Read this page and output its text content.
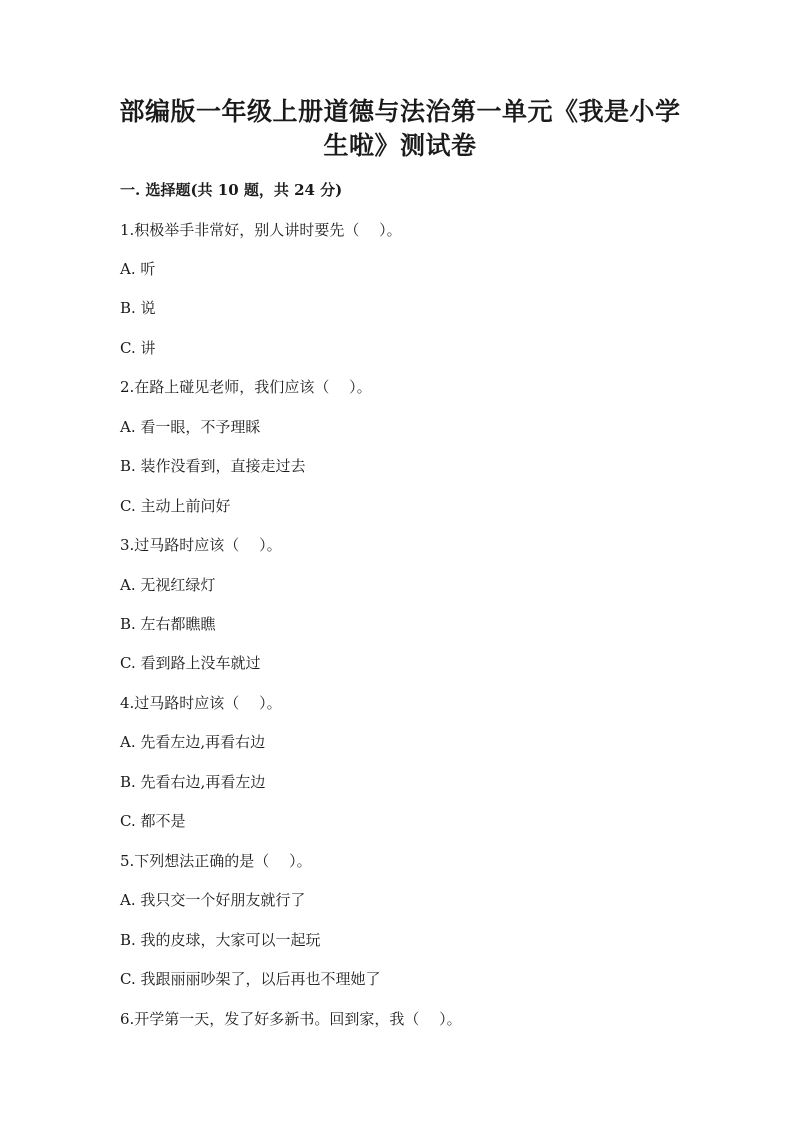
部编版一年级上册道德与法治第一单元《我是小学
生啦》测试卷
一. 选择题(共 10 题，共 24 分)
1.积极举手非常好，别人讲时要先（　 ）。
A. 听
B. 说
C. 讲
2.在路上碰见老师，我们应该（　 ）。
A. 看一眼，不予理睬
B. 装作没看到，直接走过去
C. 主动上前问好
3.过马路时应该（　 ）。
A. 无视红绿灯
B. 左右都瞧瞧
C. 看到路上没车就过
4.过马路时应该（　 ）。
A. 先看左边,再看右边
B. 先看右边,再看左边
C. 都不是
5.下列想法正确的是（　 ）。
A. 我只交一个好朋友就行了
B. 我的皮球，大家可以一起玩
C. 我跟丽丽吵架了，以后再也不理她了
6.开学第一天，发了好多新书。回到家，我（　 ）。
